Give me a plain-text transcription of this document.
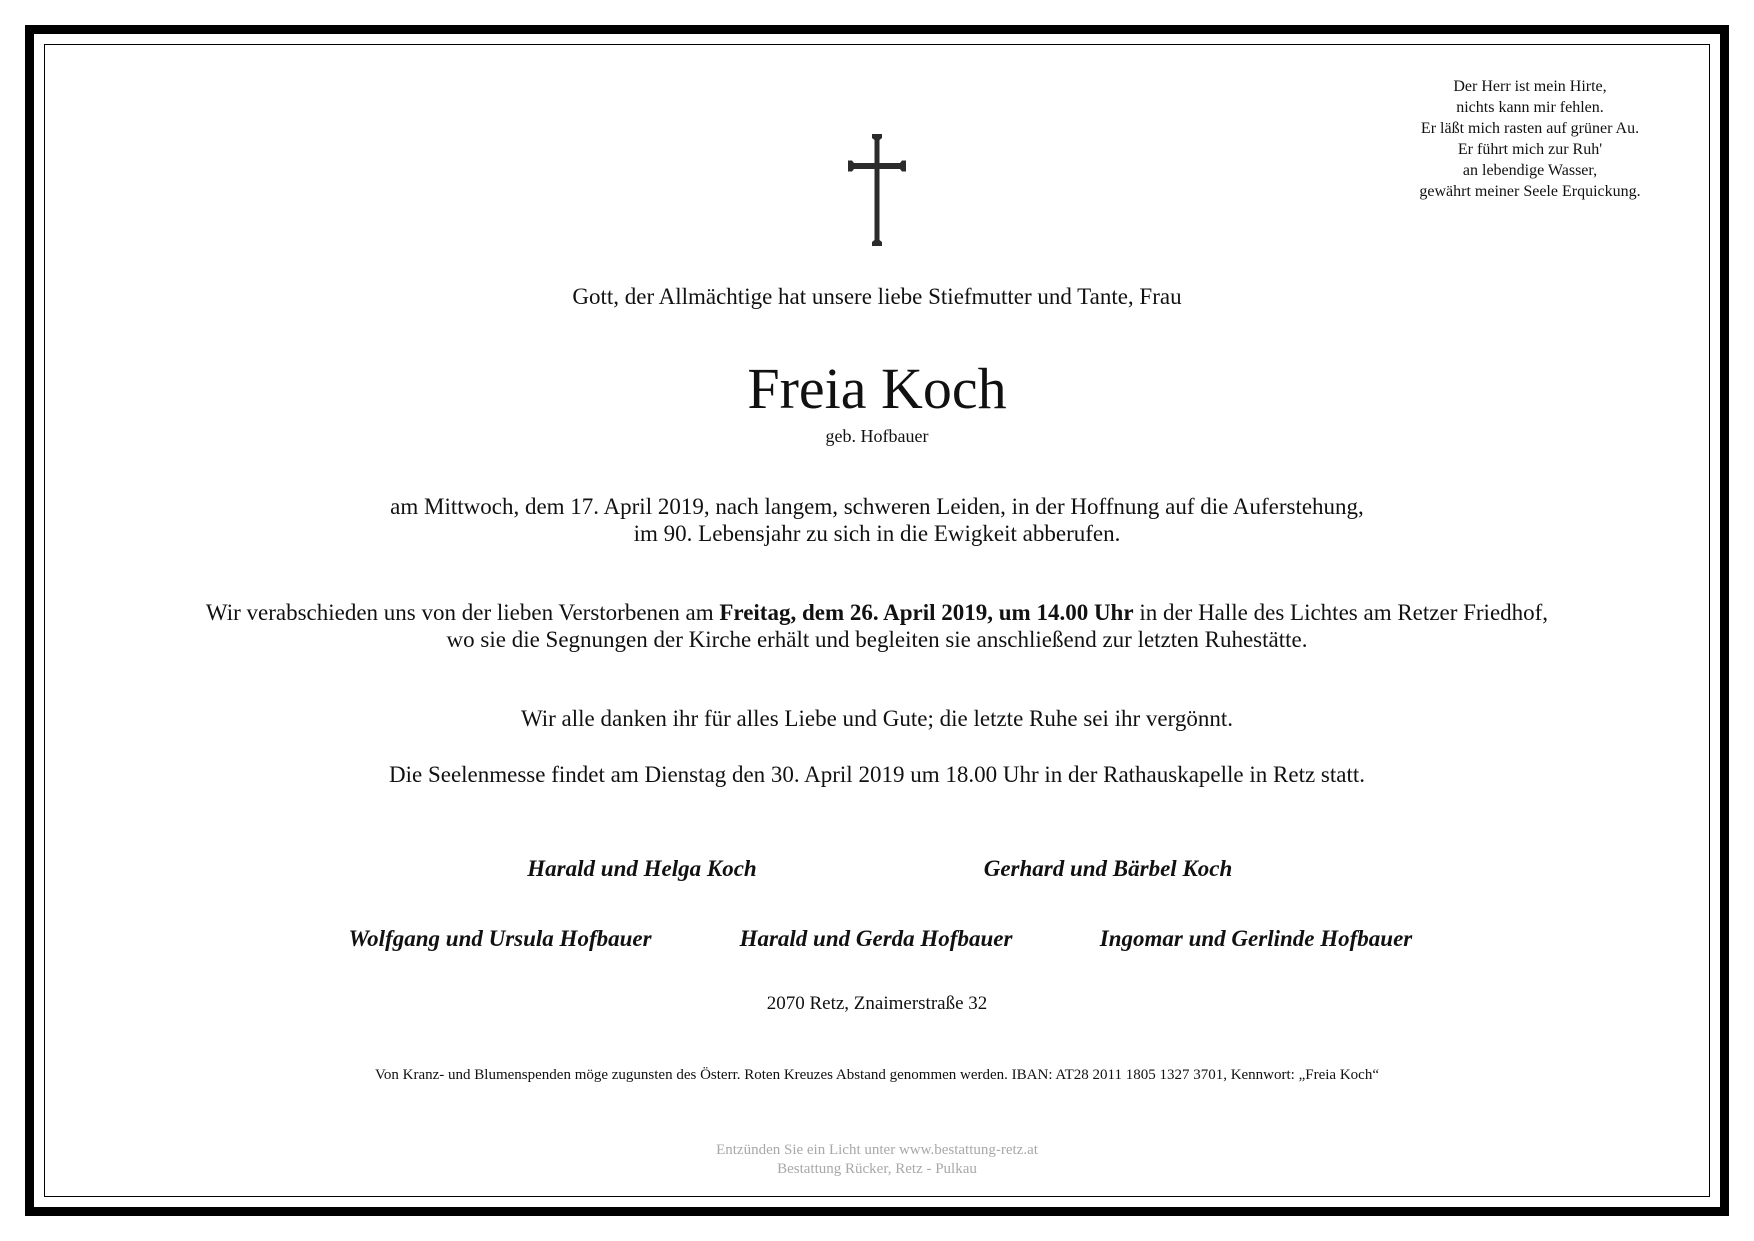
Der Herr ist mein Hirte,
nichts kann mir fehlen.
Er läßt mich rasten auf grüner Au.
Er führt mich zur Ruh'
an lebendige Wasser,
gewährt meiner Seele Erquickung.
Gott, der Allmächtige hat unsere liebe Stiefmutter und Tante, Frau
Freia Koch
geb. Hofbauer
am Mittwoch, dem 17. April 2019, nach langem, schweren Leiden, in der Hoffnung auf die Auferstehung,
im 90. Lebensjahr zu sich in die Ewigkeit abberufen.
Wir verabschieden uns von der lieben Verstorbenen am Freitag, dem 26. April 2019, um 14.00 Uhr in der Halle des Lichtes am Retzer Friedhof,
wo sie die Segnungen der Kirche erhält und begleiten sie anschließend zur letzten Ruhestätte.
Wir alle danken ihr für alles Liebe und Gute; die letzte Ruhe sei ihr vergönnt.
Die Seelenmesse findet am Dienstag den 30. April 2019 um 18.00 Uhr in der Rathauskapelle in Retz statt.
Harald und Helga Koch	Gerhard und Bärbel Koch
Wolfgang und Ursula Hofbauer	Harald und Gerda Hofbauer	Ingomar und Gerlinde Hofbauer
2070 Retz, Znaimerstraße 32
Von Kranz- und Blumenspenden möge zugunsten des Österr. Roten Kreuzes Abstand genommen werden. IBAN: AT28 2011 1805 1327 3701, Kennwort: „Freia Koch“
Entzünden Sie ein Licht unter www.bestattung-retz.at
Bestattung Rücker, Retz - Pulkau
